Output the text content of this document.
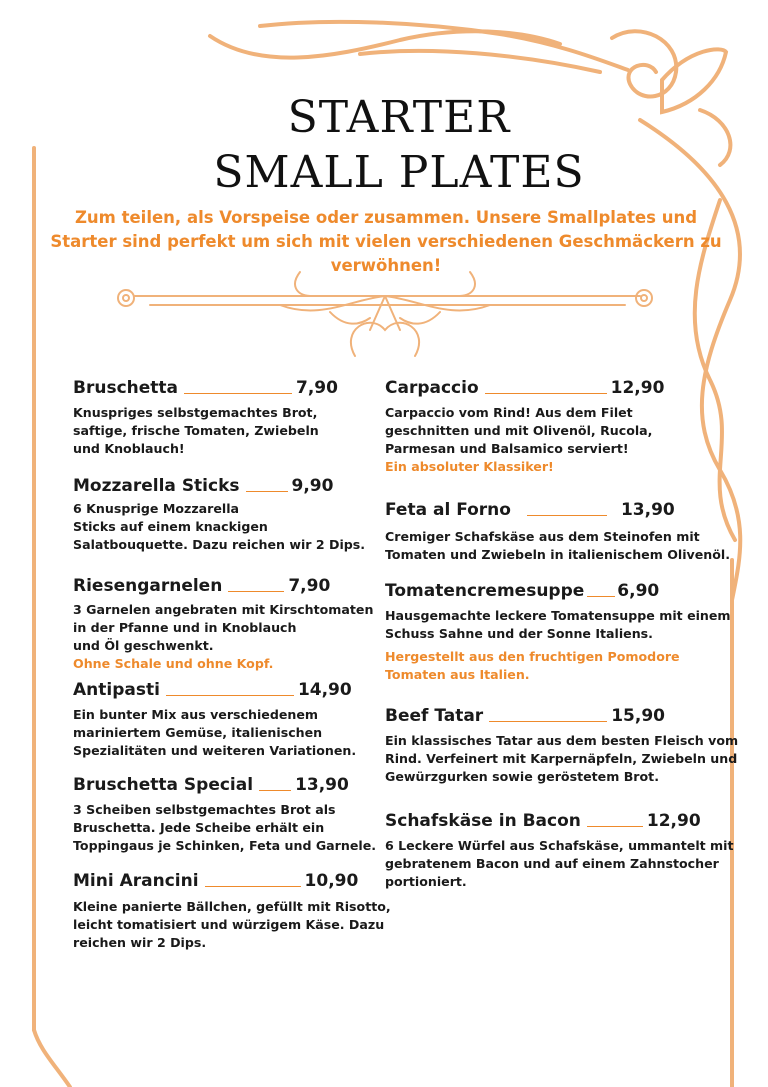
STARTER
SMALL PLATES
Zum teilen, als Vorspeise oder zusammen. Unsere Smallplates und Starter sind perfekt um sich mit vielen verschiedenen Geschmäckern zu verwöhnen!
Bruschetta	7,90
Knuspriges selbstgemachtes Brot,
saftige, frische Tomaten, Zwiebeln
und Knoblauch!
Mozzarella Sticks	9,90
6 Knusprige Mozzarella
Sticks auf einem knackigen
Salatbouquette. Dazu reichen wir 2 Dips.
Riesengarnelen	7,90
3 Garnelen angebraten mit Kirschtomaten
in der Pfanne und in Knoblauch
und Öl geschwenkt.
Ohne Schale und ohne Kopf.
Antipasti	14,90
Ein bunter Mix aus verschiedenem
mariniertem Gemüse, italienischen
Spezialitäten und weiteren Variationen.
Bruschetta Special 13,90
3 Scheiben selbstgemachtes Brot als
Bruschetta. Jede Scheibe erhält ein
Toppingaus je Schinken, Feta und Garnele.
Mini Arancini	10,90
Kleine panierte Bällchen, gefüllt mit Risotto,
leicht tomatisiert und würzigem Käse. Dazu
reichen wir 2 Dips.
Carpaccio	12,90
Carpaccio vom Rind! Aus dem Filet
geschnitten und mit Olivenöl, Rucola,
Parmesan und Balsamico serviert!
Ein absoluter Klassiker!
Feta al Forno	13,90
Cremiger Schafskäse aus dem Steinofen mit
Tomaten und Zwiebeln in italienischem Olivenöl.
Tomatencremesuppe 6,90
Hausgemachte leckere Tomatensuppe mit einem
Schuss Sahne und der Sonne Italiens.
Hergestellt aus den fruchtigen Pomodore
Tomaten aus Italien.
Beef Tatar	15,90
Ein klassisches Tatar aus dem besten Fleisch vom
Rind. Verfeinert mit Karpernäpfeln, Zwiebeln und
Gewürzgurken sowie geröstetem Brot.
Schafskäse in Bacon	12,90
6 Leckere Würfel aus Schafskäse, ummantelt mit
gebratenem Bacon und auf einem Zahnstocher
portioniert.
